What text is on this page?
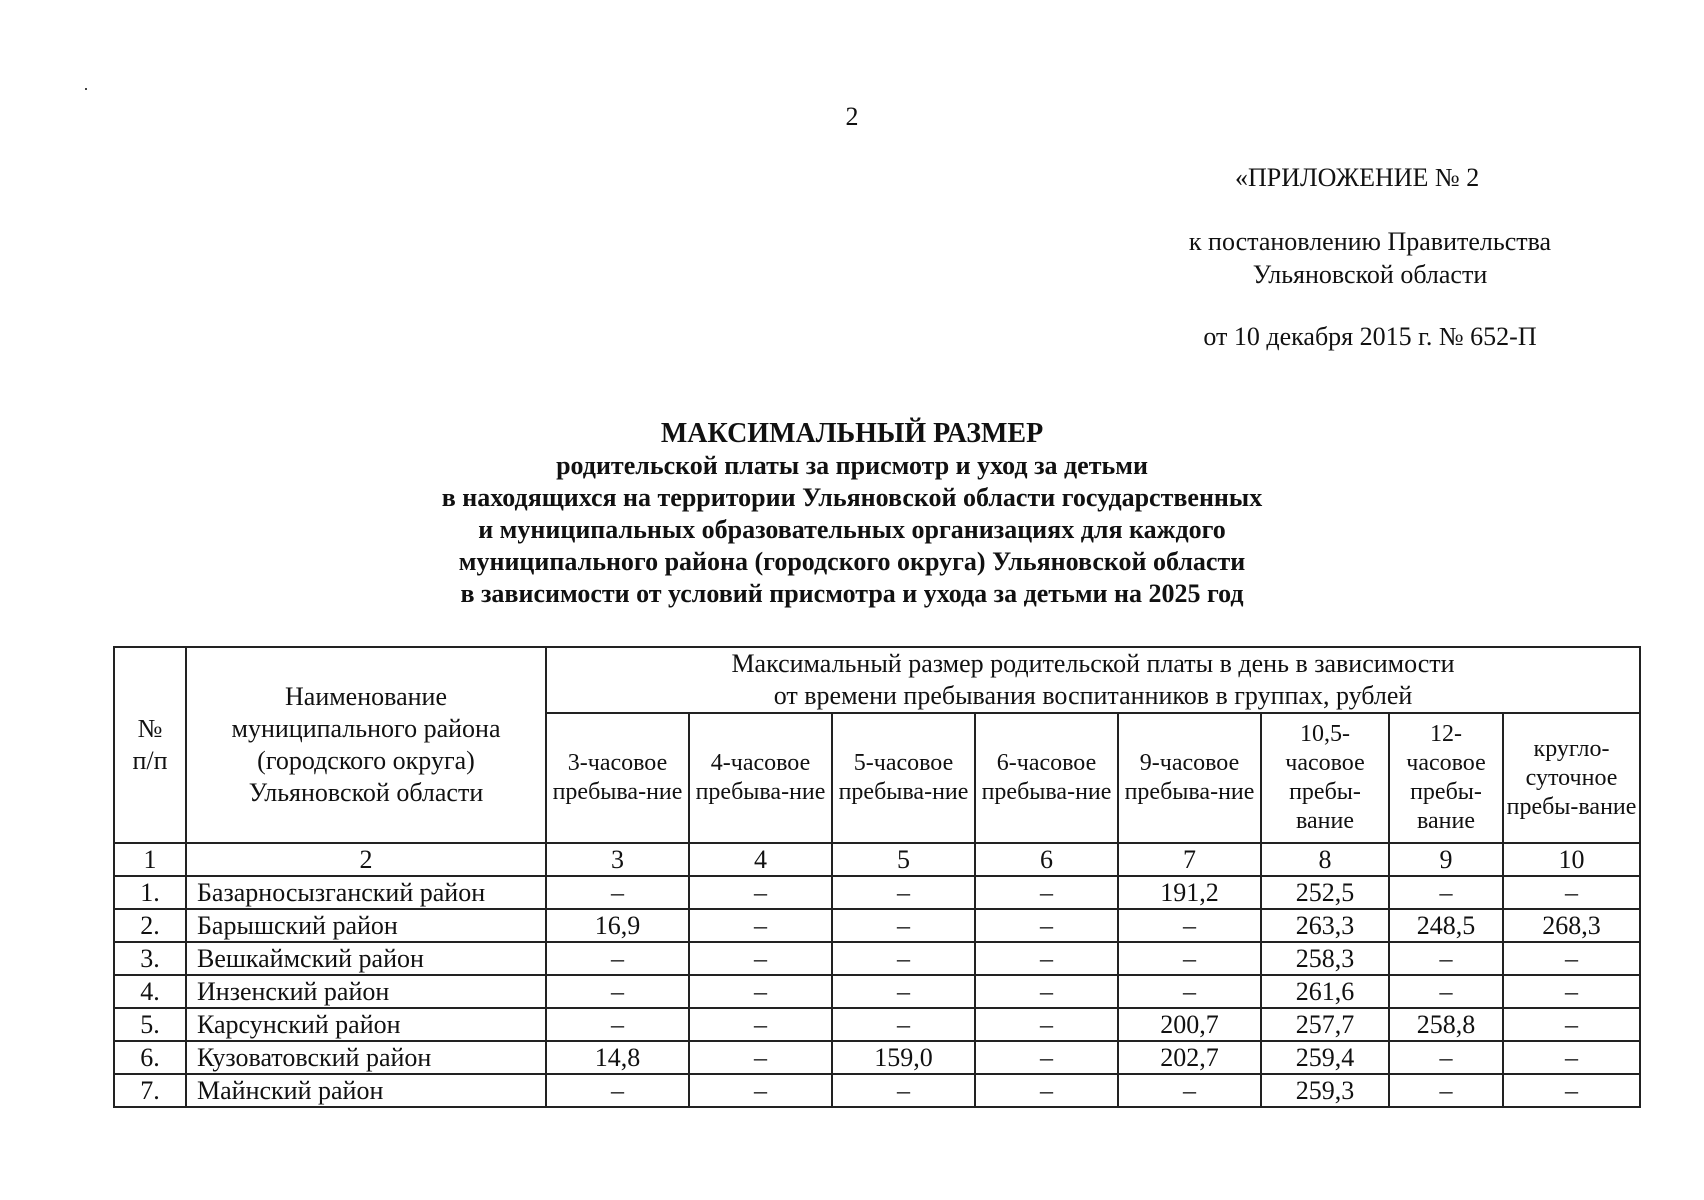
2
«ПРИЛОЖЕНИЕ № 2
к постановлению Правительства
Ульяновской области
от 10 декабря 2015 г. № 652-П
МАКСИМАЛЬНЫЙ РАЗМЕР
родительской платы за присмотр и уход за детьми
в находящихся на территории Ульяновской области государственных
и муниципальных образовательных организациях для каждого
муниципального района (городского округа) Ульяновской области
в зависимости от условий присмотра и ухода за детьми на 2025 год
№ п/п	Наименование муниципального района (городского округа) Ульяновской области	Максимальный размер родительской платы в день в зависимости
от времени пребывания воспитанников в группах, рублей							

		3-часовое пребыва-ние	4-часовое пребыва-ние	5-часовое пребыва-ние	6-часовое пребыва-ние	9-часовое пребыва-ние	10,5-часовое пребы-вание	12-часовое пребы-вание	кругло-суточное пребы-вание
1	2	3	4	5	6	7	8	9	10
1.	Базарносызганский район	–	–	–	–	191,2	252,5	–	–
2.	Барышский район	16,9	–	–	–	–	263,3	248,5	268,3
3.	Вешкаймский район	–	–	–	–	–	258,3	–	–
4.	Инзенский район	–	–	–	–	–	261,6	–	–
5.	Карсунский район	–	–	–	–	200,7	257,7	258,8	–
6.	Кузоватовский район	14,8	–	159,0	–	202,7	259,4	–	–
7.	Майнский район	–	–	–	–	–	259,3	–	–
